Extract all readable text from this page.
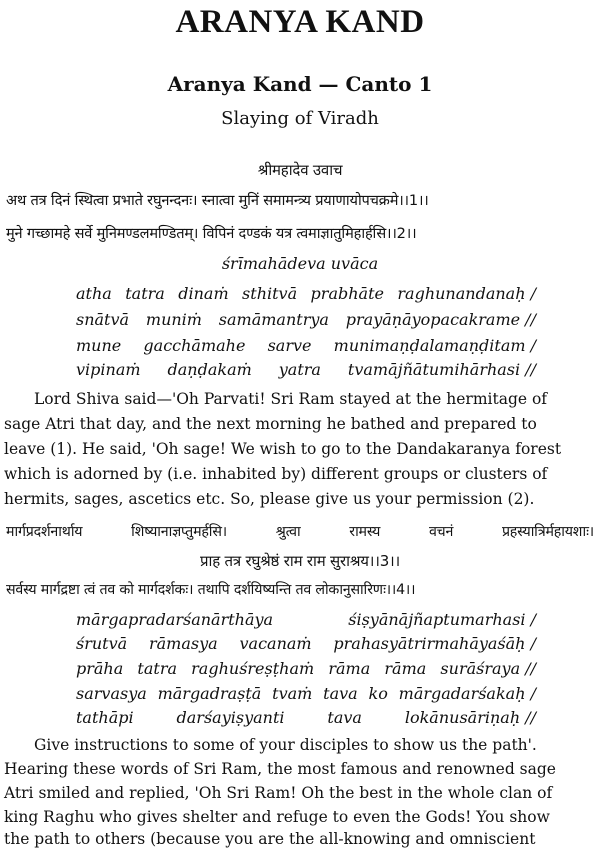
ARANYA KAND
Aranya Kand — Canto 1
Slaying of Viradh
श्रीमहादेव उवाच
अथ तत्र दिनं स्थित्वा प्रभाते रघुनन्दनः। स्नात्वा मुनिं समामन्त्र्य प्रयाणायोपचक्रमे।।1।।
मुने गच्छामहे सर्वे मुनिमण्डलमण्डितम्। विपिनं दण्डकं यत्र त्वमाज्ञातुमिहार्हसि।।2।।
śrīmahādeva uvāca
atha tatra dinaṁ sthitvā prabhāte raghunandanaḥ /
snātvā muniṁ samāmantrya prayāṇāyopacakrame //
mune gacchāmahe sarve munimaṇḍalamaṇḍitam /
vipinaṁ daṇḍakaṁ yatra tvamājñātumihārhasi //
Lord Shiva said—'Oh Parvati! Sri Ram stayed at the hermitage of
sage Atri that day, and the next morning he bathed and prepared to
leave (1). He said, 'Oh sage! We wish to go to the Dandakaranya forest
which is adorned by (i.e. inhabited by) different groups or clusters of
hermits, sages, ascetics etc. So, please give us your permission (2).
मार्गप्रदर्शनार्थाय	शिष्यानाज्ञप्तुमर्हसि।	श्रुत्वा	रामस्य	वचनं	प्रहस्यात्रिर्महायशाः।
प्राह तत्र रघुश्रेष्ठं राम राम सुराश्रय।।3।।
सर्वस्य मार्गद्रष्टा त्वं तव को मार्गदर्शकः। तथापि दर्शयिष्यन्ति तव लोकानुसारिणः।।4।।
mārgapradarśanārthāya	śiṣyānājñaptumarhasi /
śrutvā rāmasya vacanaṁ prahasyātrirmahāyaśāḥ /
prāha tatra raghuśreṣṭhaṁ rāma rāma surāśraya //
sarvasya mārgadraṣṭā tvaṁ tava ko mārgadarśakaḥ /
tathāpi	darśayiṣyanti	tava	lokānusāriṇaḥ //
Give instructions to some of your disciples to show us the path'.
Hearing these words of Sri Ram, the most famous and renowned sage
Atri smiled and replied, 'Oh Sri Ram! Oh the best in the whole clan of
king Raghu who gives shelter and refuge to even the Gods! You show
the path to others (because you are the all-knowing and omniscient
